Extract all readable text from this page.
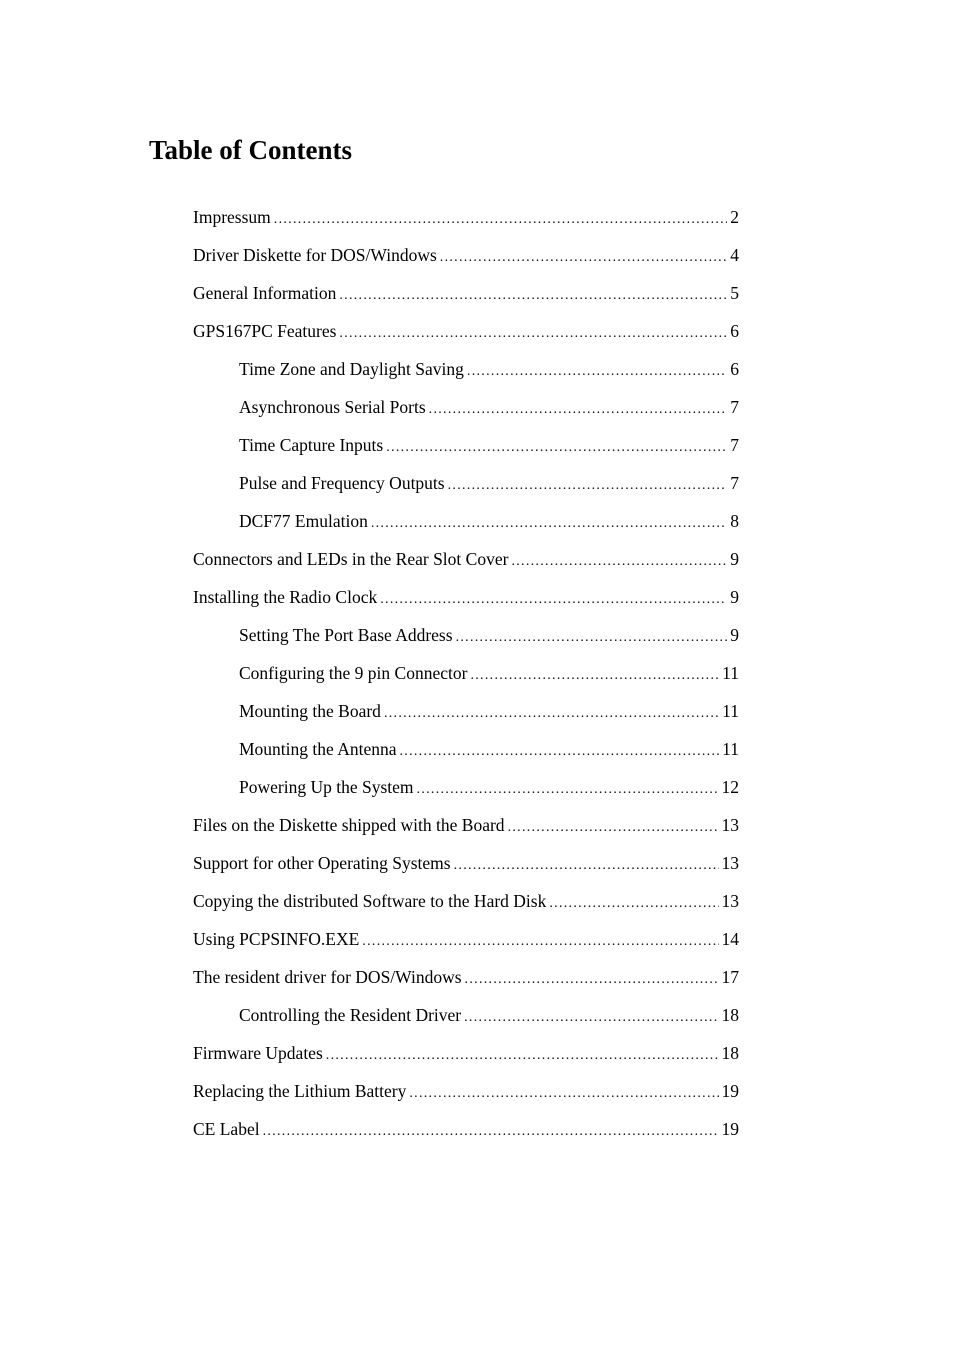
Table of Contents
Impressum .....	2
Driver Diskette for DOS/Windows .....	4
General Information .....	5
GPS167PC Features .....	6
Time Zone and Daylight Saving .....	6
Asynchronous Serial Ports .....	7
Time Capture Inputs .....	7
Pulse and Frequency Outputs .....	7
DCF77 Emulation .....	8
Connectors and LEDs in the Rear Slot Cover .....	9
Installing the Radio Clock .....	9
Setting The Port Base Address .....	9
Configuring the 9 pin Connector .....	11
Mounting the Board .....	11
Mounting the Antenna .....	11
Powering Up the System .....	12
Files on the Diskette shipped with the Board .....	13
Support for other Operating Systems .....	13
Copying the distributed Software to the Hard Disk .....	13
Using PCPSINFO.EXE .....	14
The resident driver for DOS/Windows .....	17
Controlling the Resident Driver .....	18
Firmware Updates .....	18
Replacing the Lithium Battery .....	19
CE Label .....	19
